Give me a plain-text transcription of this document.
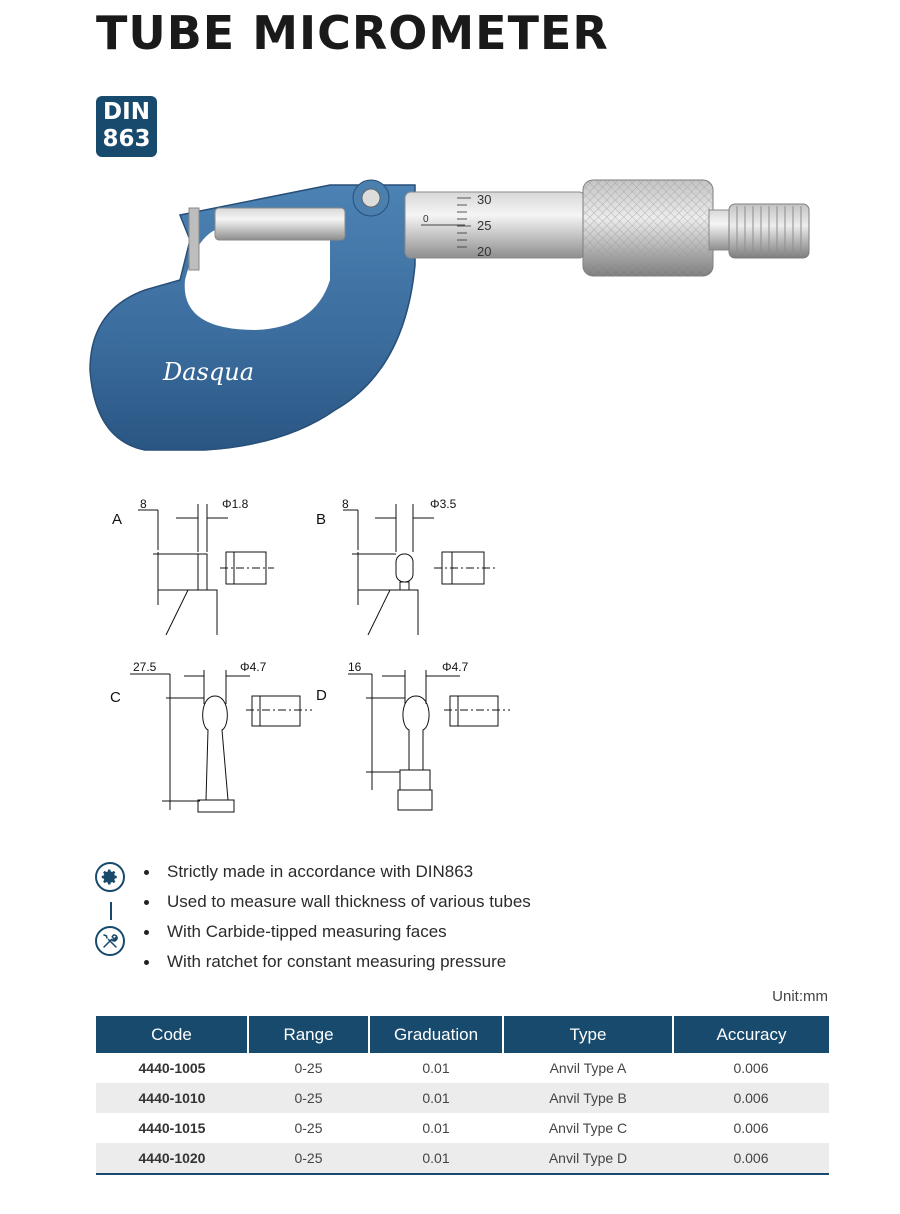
TUBE MICROMETER
DIN
863
0
30
25
20
Dasqua
A
8	Φ1.8
B
8	Φ3.5
C
27.5	Φ4.7
D
16	Φ4.7
Strictly made in accordance with DIN863
Used to measure wall thickness of various tubes
With Carbide-tipped measuring faces
With ratchet for constant measuring pressure
Unit:mm
Code	Range	Graduation	Type	Accuracy
4440-1005	0-25	0.01	Anvil Type A	0.006
4440-1010	0-25	0.01	Anvil Type B	0.006
4440-1015	0-25	0.01	Anvil Type C	0.006
4440-1020	0-25	0.01	Anvil Type D	0.006
